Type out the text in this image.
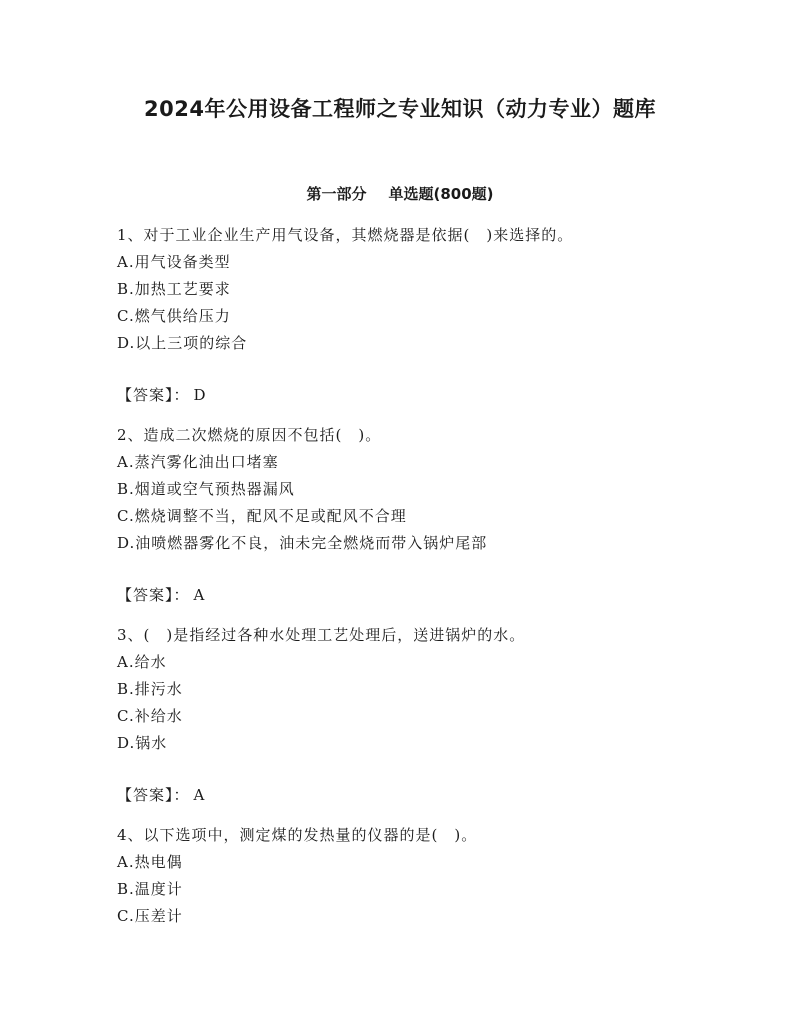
2024年公用设备工程师之专业知识（动力专业）题库
第一部分 单选题(800题)
1、对于工业企业生产用气设备，其燃烧器是依据(　)来选择的。
A.用气设备类型
B.加热工艺要求
C.燃气供给压力
D.以上三项的综合
【答案】： D
2、造成二次燃烧的原因不包括(　)。
A.蒸汽雾化油出口堵塞
B.烟道或空气预热器漏风
C.燃烧调整不当，配风不足或配风不合理
D.油喷燃器雾化不良，油未完全燃烧而带入锅炉尾部
【答案】： A
3、(　)是指经过各种水处理工艺处理后，送进锅炉的水。
A.给水
B.排污水
C.补给水
D.锅水
【答案】： A
4、以下选项中，测定煤的发热量的仪器的是(　)。
A.热电偶
B.温度计
C.压差计
